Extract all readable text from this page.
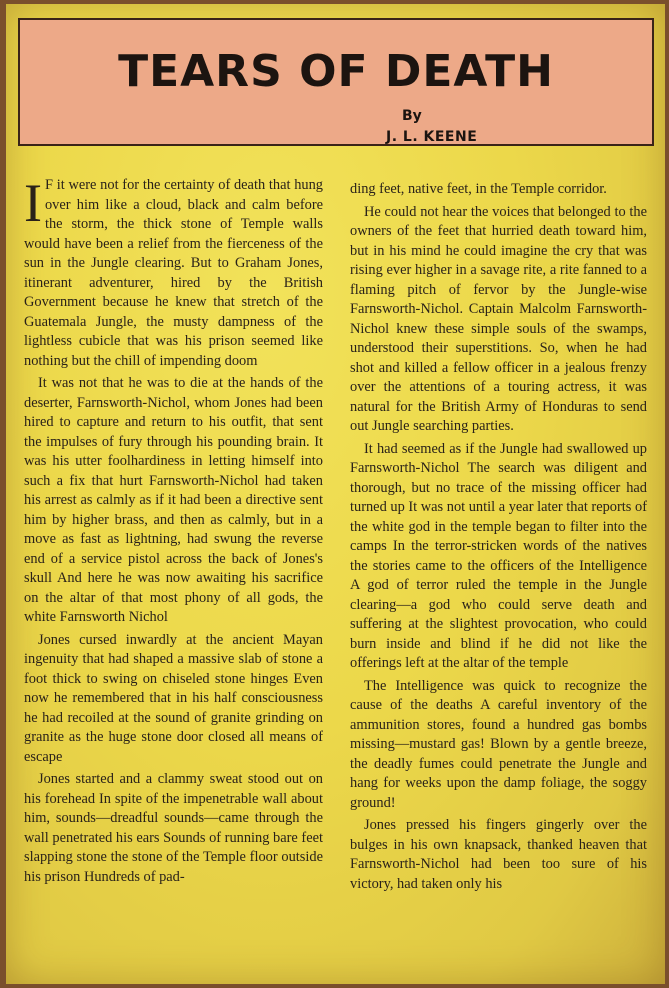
TEARS OF DEATH
By
J. L. KEENE

I F it were not for the certainty of death that hung over him like a cloud, black and calm before the storm, the thick stone of Temple walls would have been a relief from the fierceness of the sun in the Jungle clearing. But to Graham Jones, itinerant adventurer, hired by the British Government because he knew that stretch of the Guatemala Jungle, the musty dampness of the lightless cubicle that was his prison seemed like nothing but the chill of impending doom

It was not that he was to die at the hands of the deserter, Farnsworth-Nichol, whom Jones had been hired to capture and return to his outfit, that sent the impulses of fury through his pounding brain. It was his utter foolhardiness in letting himself into such a fix that hurt Farnsworth-Nichol had taken his arrest as calmly as if it had been a directive sent him by higher brass, and then as calmly, but in a move as fast as lightning, had swung the reverse end of a service pistol across the back of Jones's skull And here he was now awaiting his sacrifice on the altar of that most phony of all gods, the white Farnsworth Nichol

Jones cursed inwardly at the ancient Mayan ingenuity that had shaped a massive slab of stone a foot thick to swing on chiseled stone hinges Even now he remembered that in his half consciousness he had recoiled at the sound of granite grinding on granite as the huge stone door closed all means of escape

Jones started and a clammy sweat stood out on his forehead In spite of the impenetrable wall about him, sounds—dreadful sounds—came through the wall penetrated his ears Sounds of running bare feet slapping stone the stone of the Temple floor outside his prison Hundreds of pad-

ding feet, native feet, in the Temple corridor.

He could not hear the voices that belonged to the owners of the feet that hurried death toward him, but in his mind he could imagine the cry that was rising ever higher in a savage rite, a rite fanned to a flaming pitch of fervor by the Jungle-wise Farnsworth-Nichol. Captain Malcolm Farnsworth-Nichol knew these simple souls of the swamps, understood their superstitions. So, when he had shot and killed a fellow officer in a jealous frenzy over the attentions of a touring actress, it was natural for the British Army of Honduras to send out Jungle searching parties.

It had seemed as if the Jungle had swallowed up Farnsworth-Nichol The search was diligent and thorough, but no trace of the missing officer had turned up It was not until a year later that reports of the white god in the temple began to filter into the camps In the terror-stricken words of the natives the stories came to the officers of the Intelligence A god of terror ruled the temple in the Jungle clearing—a god who could serve death and suffering at the slightest provocation, who could burn inside and blind if he did not like the offerings left at the altar of the temple

The Intelligence was quick to recognize the cause of the deaths A careful inventory of the ammunition stores, found a hundred gas bombs missing—mustard gas! Blown by a gentle breeze, the deadly fumes could penetrate the Jungle and hang for weeks upon the damp foliage, the soggy ground!

Jones pressed his fingers gingerly over the bulges in his own knapsack, thanked heaven that Farnsworth-Nichol had been too sure of his victory, had taken only his
